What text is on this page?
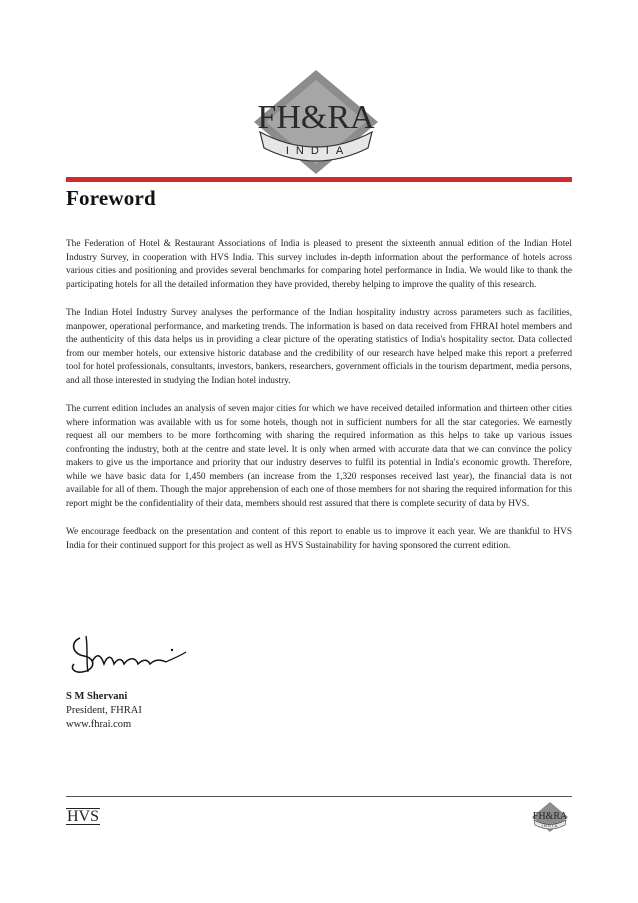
FH&RA
INDIA
Foreword

The Federation of Hotel & Restaurant Associations of India is pleased to present the sixteenth annual edition of the Indian Hotel Industry Survey, in cooperation with HVS India. This survey includes in-depth information about the performance of hotels across various cities and positioning and provides several benchmarks for comparing hotel performance in India. We would like to thank the participating hotels for all the detailed information they have provided, thereby helping to improve the quality of this research.

The Indian Hotel Industry Survey analyses the performance of the Indian hospitality industry across parameters such as facilities, manpower, operational performance, and marketing trends. The information is based on data received from FHRAI hotel members and the authenticity of this data helps us in providing a clear picture of the operating statistics of India's hospitality sector. Data collected from our member hotels, our extensive historic database and the credibility of our research have helped make this report a preferred tool for hotel professionals, consultants, investors, bankers, researchers, government officials in the tourism department, media persons, and all those interested in studying the Indian hotel industry.

The current edition includes an analysis of seven major cities for which we have received detailed information and thirteen other cities where information was available with us for some hotels, though not in sufficient numbers for all the star categories. We earnestly request all our members to be more forthcoming with sharing the required information as this helps to take up various issues confronting the industry, both at the centre and state level. It is only when armed with accurate data that we can convince the policy makers to give us the importance and priority that our industry deserves to fulfil its potential in India's economic growth. Therefore, while we have basic data for 1,450 members (an increase from the 1,320 responses received last year), the financial data is not available for all of them. Though the major apprehension of each one of those members for not sharing the required information for this report might be the confidentiality of their data, members should rest assured that there is complete security of data by HVS.

We encourage feedback on the presentation and content of this report to enable us to improve it each year. We are thankful to HVS India for their continued support for this project as well as HVS Sustainability for having sponsored the current edition.

S M Shervani
President, FHRAI
www.fhrai.com
HVS	FH&RA
INDIA
